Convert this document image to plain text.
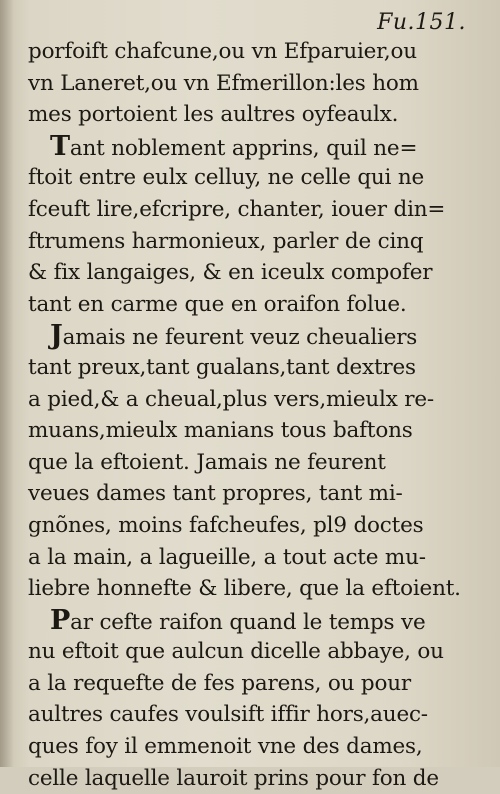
Fu.151.
porfoift chafcune,ou vn Efparuier,ou
vn Laneret,ou vn Efmerillon:les hom
mes portoient les aultres oyfeaulx.
Tant noblement apprins, quil ne=
ftoit entre eulx celluy, ne celle qui ne
fceuft lire,efcripre, chanter, iouer din=
ftrumens harmonieux, parler de cinq
& fix langaiges, & en iceulx compofer
tant en carme que en oraifon folue.
Jamais ne feurent veuz cheualiers
tant preux,tant gualans,tant dextres
a pied,& a cheual,plus vers,mieulx re-
muans,mieulx manians tous baftons
que la eftoient. Jamais ne feurent
veues dames tant propres, tant mi-
gnõnes, moins fafcheufes, pl9 doctes
a la main, a lagueille, a tout acte mu-
liebre honnefte & libere, que la eftoient.
Par cefte raifon quand le temps ve
nu eftoit que aulcun dicelle abbaye, ou
a la requefte de fes parens, ou pour
aultres caufes voulsift iffir hors,auec-
ques foy il emmenoit vne des dames,
celle laquelle lauroit prins pour fon de
